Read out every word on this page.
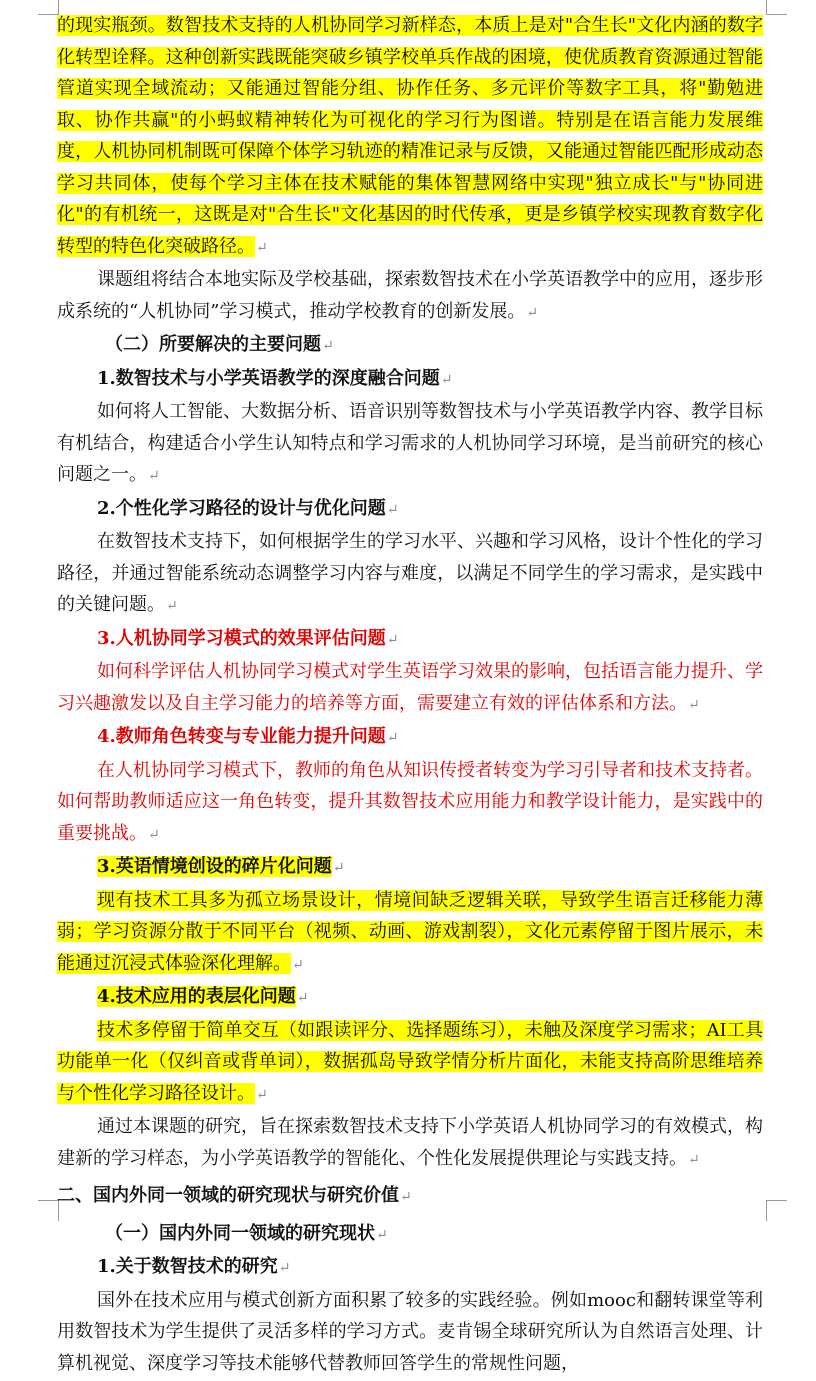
的现实瓶颈。数智技术支持的人机协同学习新样态，本质上是对"合生长"文化内涵的数字化转型诠释。这种创新实践既能突破乡镇学校单兵作战的困境，使优质教育资源通过智能管道实现全域流动；又能通过智能分组、协作任务、多元评价等数字工具，将"勤勉进取、协作共赢"的小蚂蚁精神转化为可视化的学习行为图谱。特别是在语言能力发展维度，人机协同机制既可保障个体学习轨迹的精准记录与反馈，又能通过智能匹配形成动态学习共同体，使每个学习主体在技术赋能的集体智慧网络中实现"独立成长"与"协同进化"的有机统一，这既是对"合生长"文化基因的时代传承，更是乡镇学校实现教育数字化转型的特色化突破路径。↵

课题组将结合本地实际及学校基础，探索数智技术在小学英语教学中的应用，逐步形成系统的“人机协同”学习模式，推动学校教育的创新发展。↵

（二）所要解决的主要问题↵

1.数智技术与小学英语教学的深度融合问题↵

如何将人工智能、大数据分析、语音识别等数智技术与小学英语教学内容、教学目标有机结合，构建适合小学生认知特点和学习需求的人机协同学习环境，是当前研究的核心问题之一。↵

2.个性化学习路径的设计与优化问题↵

在数智技术支持下，如何根据学生的学习水平、兴趣和学习风格，设计个性化的学习路径，并通过智能系统动态调整学习内容与难度，以满足不同学生的学习需求，是实践中的关键问题。↵

3.人机协同学习模式的效果评估问题↵

如何科学评估人机协同学习模式对学生英语学习效果的影响，包括语言能力提升、学习兴趣激发以及自主学习能力的培养等方面，需要建立有效的评估体系和方法。↵

4.教师角色转变与专业能力提升问题↵

在人机协同学习模式下，教师的角色从知识传授者转变为学习引导者和技术支持者。如何帮助教师适应这一角色转变，提升其数智技术应用能力和教学设计能力，是实践中的重要挑战。↵

3.英语情境创设的碎片化问题↵

现有技术工具多为孤立场景设计，情境间缺乏逻辑关联，导致学生语言迁移能力薄弱；学习资源分散于不同平台（视频、动画、游戏割裂），文化元素停留于图片展示，未能通过沉浸式体验深化理解。↵

4.技术应用的表层化问题↵

技术多停留于简单交互（如跟读评分、选择题练习），未触及深度学习需求；AI工具功能单一化（仅纠音或背单词），数据孤岛导致学情分析片面化，未能支持高阶思维培养与个性化学习路径设计。↵

通过本课题的研究，旨在探索数智技术支持下小学英语人机协同学习的有效模式，构建新的学习样态，为小学英语教学的智能化、个性化发展提供理论与实践支持。↵

二、国内外同一领域的研究现状与研究价值↵

（一）国内外同一领域的研究现状↵

1.关于数智技术的研究↵

国外在技术应用与模式创新方面积累了较多的实践经验。例如mooc和翻转课堂等利用数智技术为学生提供了灵活多样的学习方式。麦肯锡全球研究所认为自然语言处理、计算机视觉、深度学习等技术能够代替教师回答学生的常规性问题，
